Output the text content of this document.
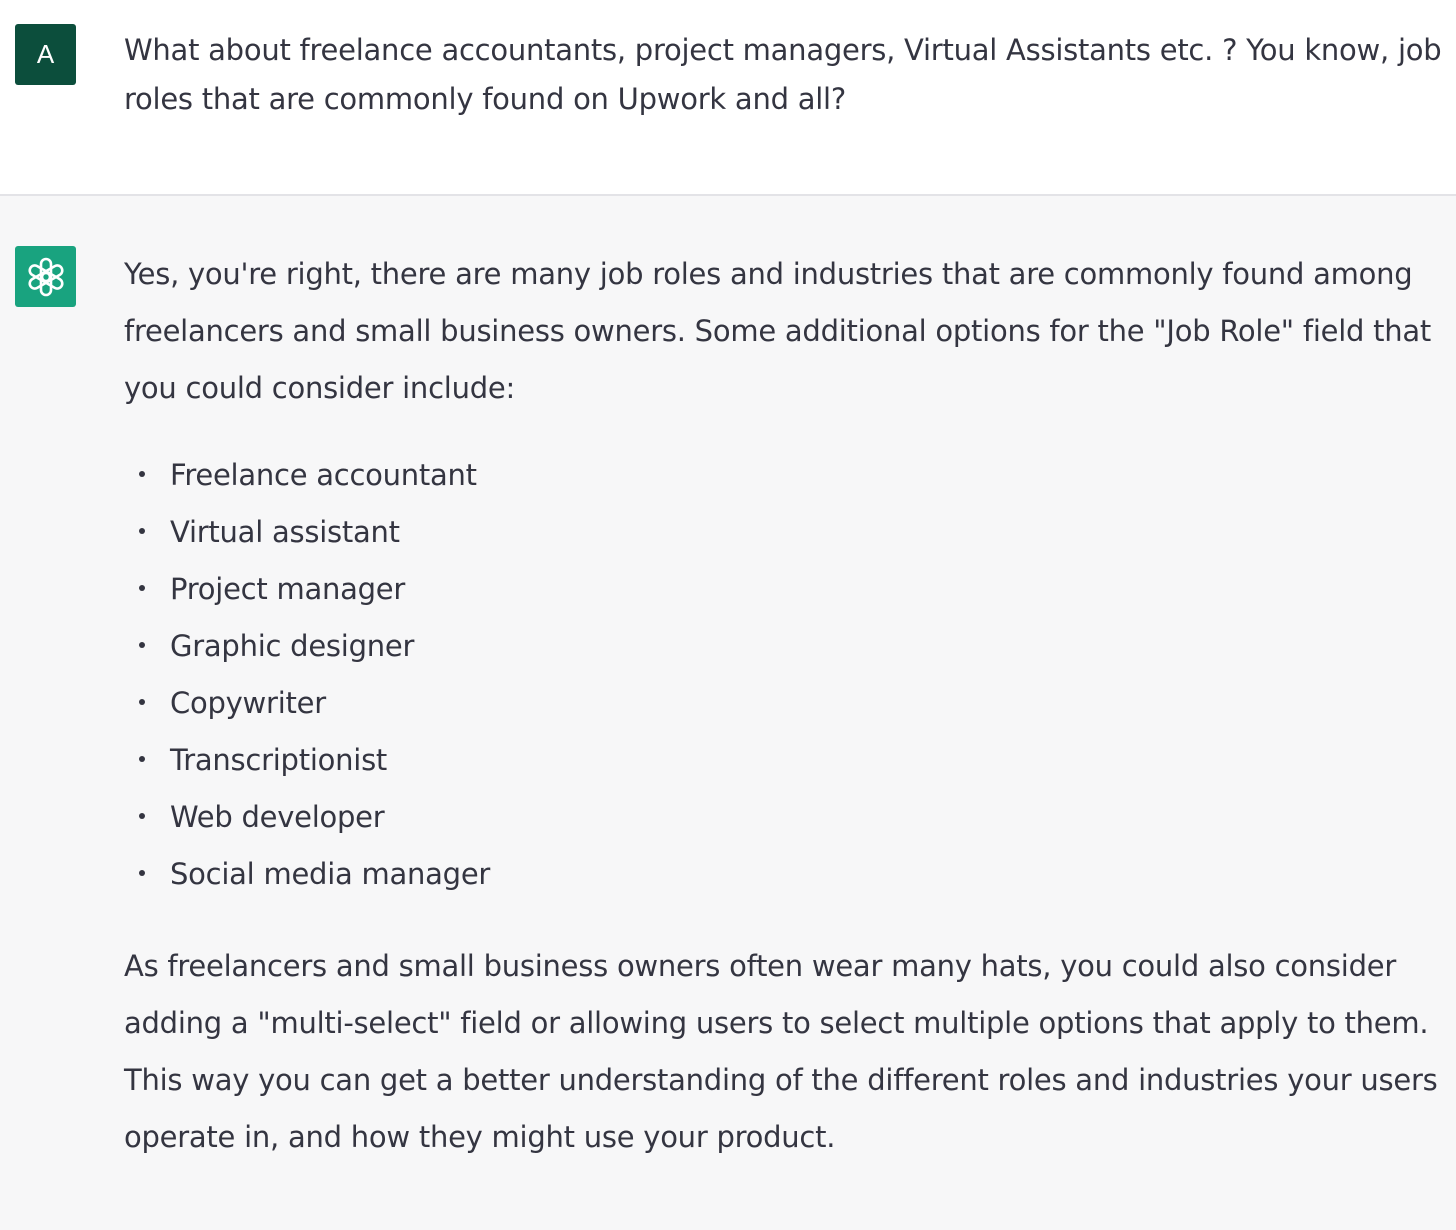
A What about freelance accountants, project managers, Virtual Assistants etc. ? You know, job roles that are commonly found on Upwork and all?

Yes, you're right, there are many job roles and industries that are commonly found among freelancers and small business owners. Some additional options for the "Job Role" field that you could consider include:

Freelance accountant
Virtual assistant
Project manager
Graphic designer
Copywriter
Transcriptionist
Web developer
Social media manager

As freelancers and small business owners often wear many hats, you could also consider adding a "multi-select" field or allowing users to select multiple options that apply to them. This way you can get a better understanding of the different roles and industries your users operate in, and how they might use your product.
